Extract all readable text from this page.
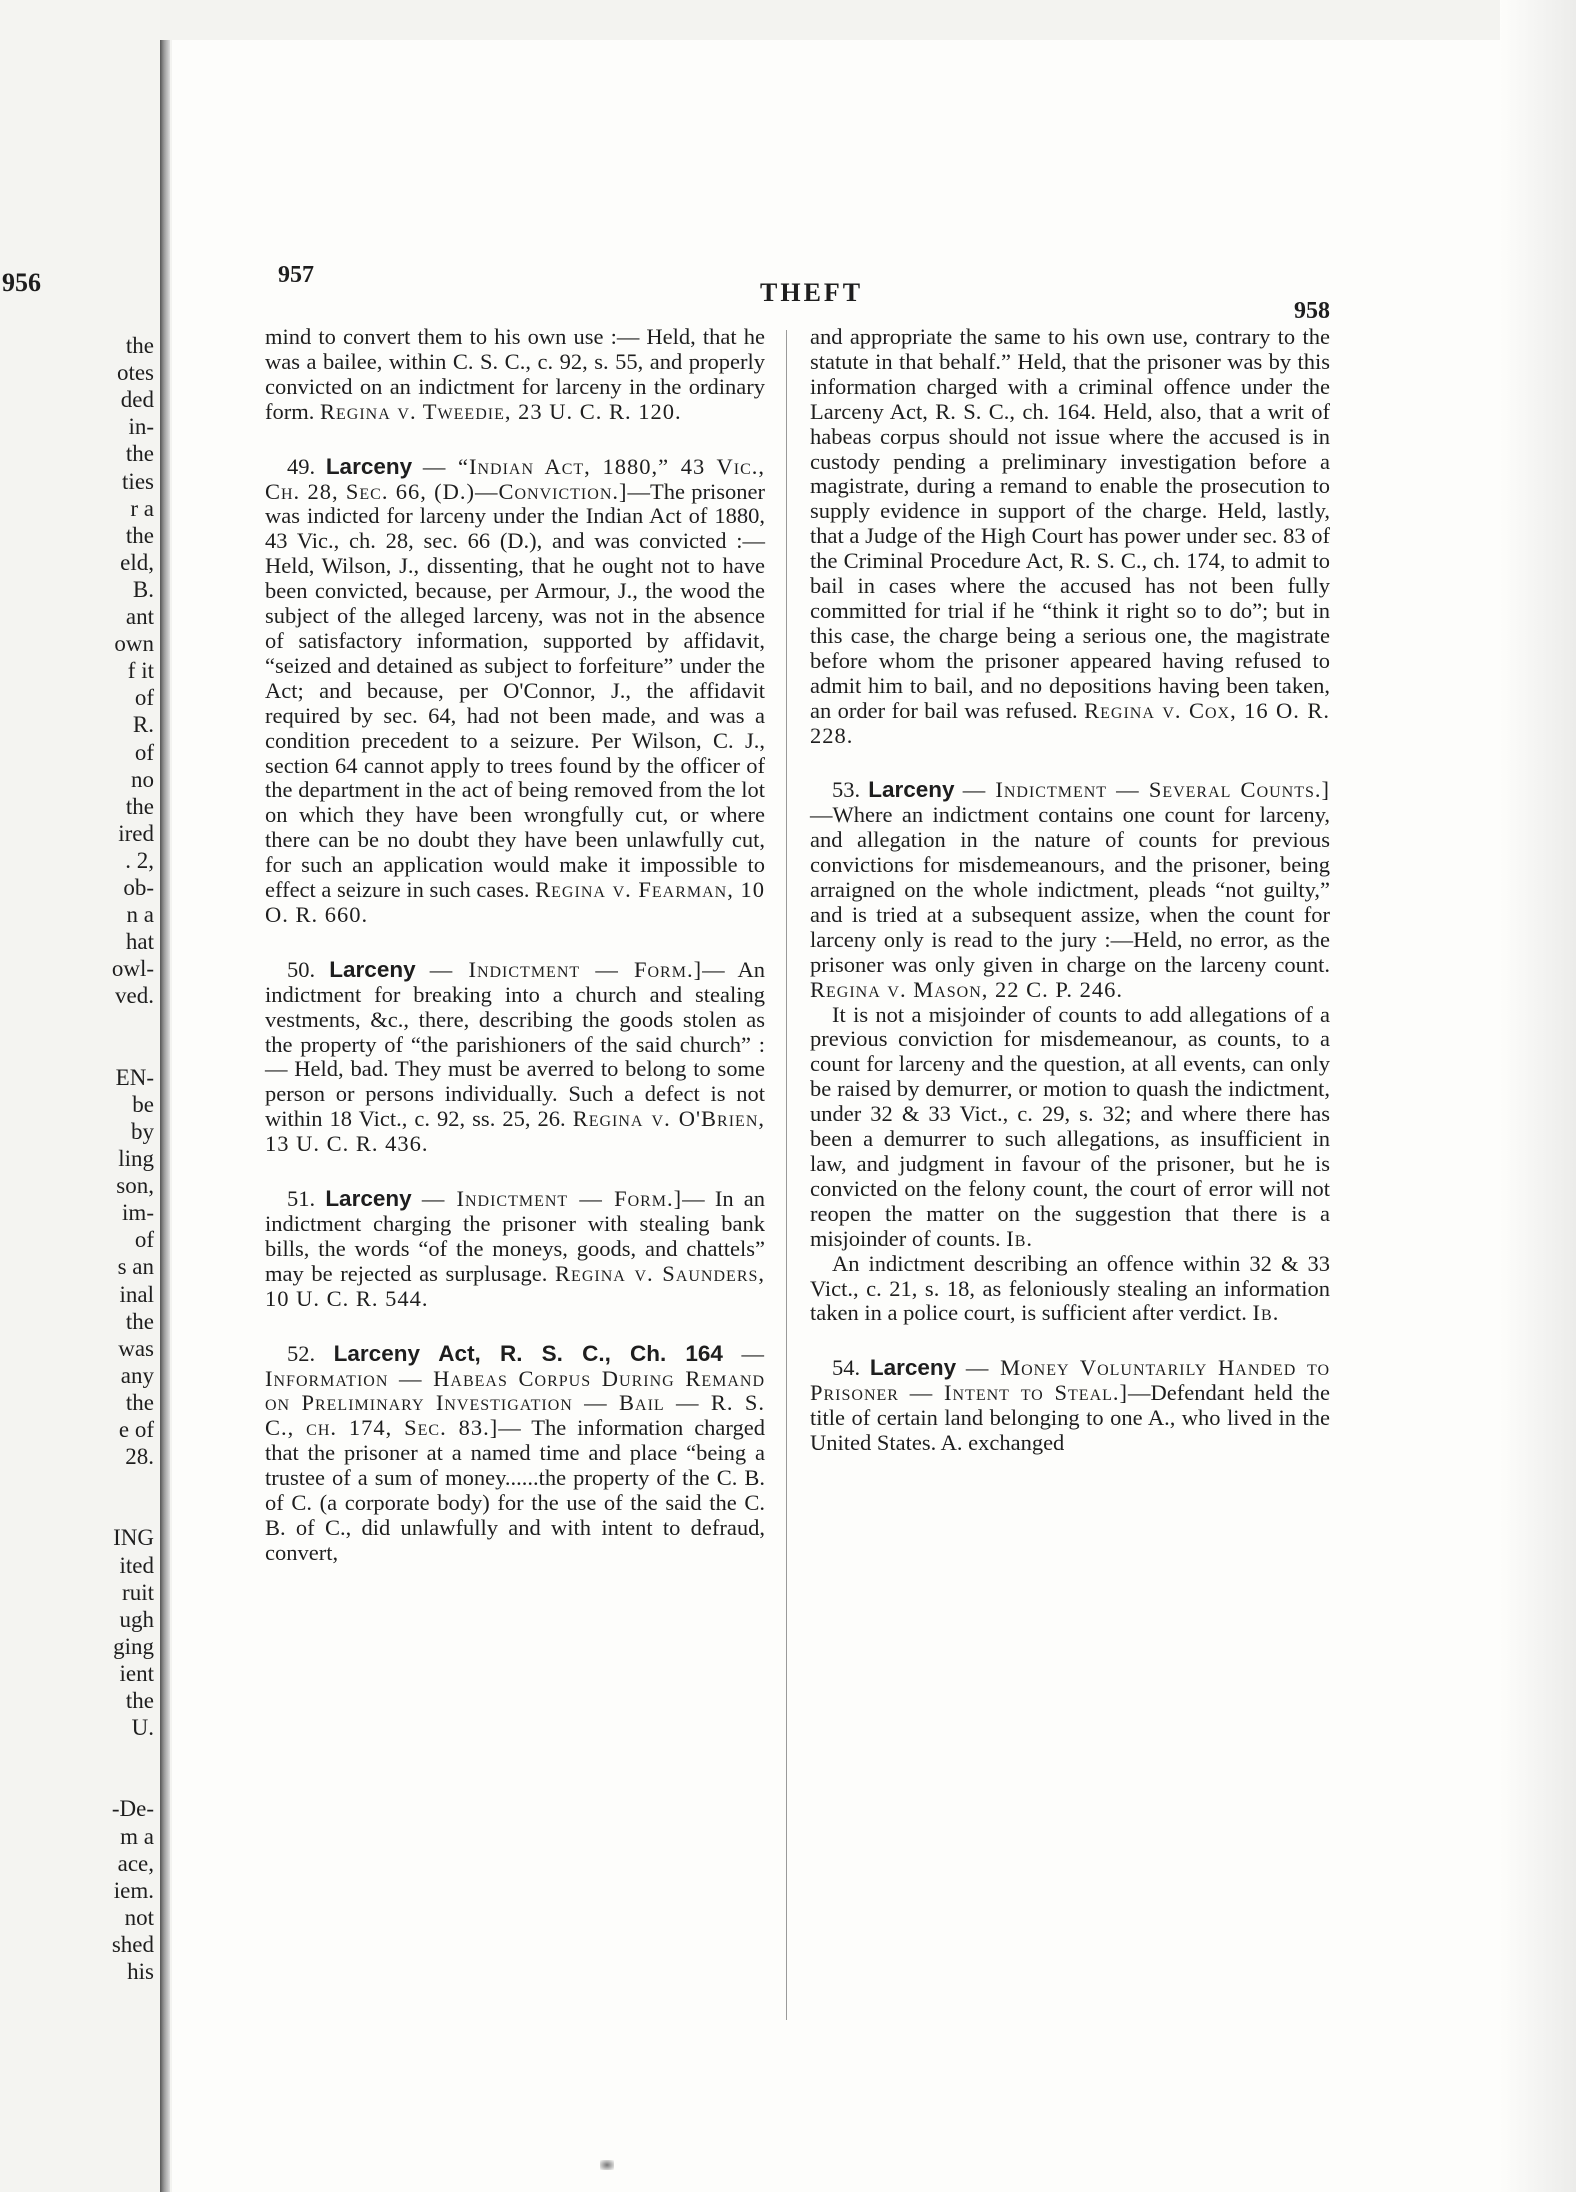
956
the
otes
ded
in-
the
ties
r a
the
eld,
B.
ant
own
f it
of
R.
of
no
the
ired
. 2,
ob-
n a
hat
owl-
ved.
EN-
be
by
ling
son,
im-
of
s an
inal
the
was
any
the
e of
28.
ING
ited
ruit
ugh
ging
ient
the
U.
-De-
m a
ace,
iem.
not
shed
his
957
THEFT
958

mind to convert them to his own use :— Held, that he was a bailee, within C. S. C., c. 92, s. 55, and properly convicted on an indictment for larceny in the ordinary form. Regina v. Tweedie, 23 U. C. R. 120.

49. Larceny — “Indian Act, 1880,” 43 Vic., Ch. 28, Sec. 66, (D.)—Conviction.]—The prisoner was indicted for larceny under the Indian Act of 1880, 43 Vic., ch. 28, sec. 66 (D.), and was convicted :—Held, Wilson, J., dissenting, that he ought not to have been convicted, because, per Armour, J., the wood the subject of the alleged larceny, was not in the absence of satisfactory information, supported by affidavit, “seized and detained as subject to forfeiture” under the Act; and because, per O'Connor, J., the affidavit required by sec. 64, had not been made, and was a condition precedent to a seizure. Per Wilson, C. J., section 64 cannot apply to trees found by the officer of the department in the act of being removed from the lot on which they have been wrongfully cut, or where there can be no doubt they have been unlawfully cut, for such an application would make it impossible to effect a seizure in such cases. Regina v. Fearman, 10 O. R. 660.

50. Larceny — Indictment — Form.]— An indictment for breaking into a church and stealing vestments, &c., there, describing the goods stolen as the property of “the parishioners of the said church” :— Held, bad. They must be averred to belong to some person or persons individually. Such a defect is not within 18 Vict., c. 92, ss. 25, 26. Regina v. O'Brien, 13 U. C. R. 436.

51. Larceny — Indictment — Form.]— In an indictment charging the prisoner with stealing bank bills, the words “of the moneys, goods, and chattels” may be rejected as surplusage. Regina v. Saunders, 10 U. C. R. 544.

52. Larceny Act, R. S. C., Ch. 164 — Information — Habeas Corpus During Remand on Preliminary Investigation — Bail — R. S. C., ch. 174, Sec. 83.]— The information charged that the prisoner at a named time and place “being a trustee of a sum of money......the property of the C. B. of C. (a corporate body) for the use of the said the C. B. of C., did unlawfully and with intent to defraud, convert,

and appropriate the same to his own use, contrary to the statute in that behalf.” Held, that the prisoner was by this information charged with a criminal offence under the Larceny Act, R. S. C., ch. 164. Held, also, that a writ of habeas corpus should not issue where the accused is in custody pending a preliminary investigation before a magistrate, during a remand to enable the prosecution to supply evidence in support of the charge. Held, lastly, that a Judge of the High Court has power under sec. 83 of the Criminal Procedure Act, R. S. C., ch. 174, to admit to bail in cases where the accused has not been fully committed for trial if he “think it right so to do”; but in this case, the charge being a serious one, the magistrate before whom the prisoner appeared having refused to admit him to bail, and no depositions having been taken, an order for bail was refused. Regina v. Cox, 16 O. R. 228.

53. Larceny — Indictment — Several Counts.]—Where an indictment contains one count for larceny, and allegation in the nature of counts for previous convictions for misdemeanours, and the prisoner, being arraigned on the whole indictment, pleads “not guilty,” and is tried at a subsequent assize, when the count for larceny only is read to the jury :—Held, no error, as the prisoner was only given in charge on the larceny count. Regina v. Mason, 22 C. P. 246.

It is not a misjoinder of counts to add allegations of a previous conviction for misdemeanour, as counts, to a count for larceny and the question, at all events, can only be raised by demurrer, or motion to quash the indictment, under 32 & 33 Vict., c. 29, s. 32; and where there has been a demurrer to such allegations, as insufficient in law, and judgment in favour of the prisoner, but he is convicted on the felony count, the court of error will not reopen the matter on the suggestion that there is a misjoinder of counts. Ib.

An indictment describing an offence within 32 & 33 Vict., c. 21, s. 18, as feloniously stealing an information taken in a police court, is sufficient after verdict. Ib.

54. Larceny — Money Voluntarily Handed to Prisoner — Intent to Steal.]—Defendant held the title of certain land belonging to one A., who lived in the United States. A. exchanged
